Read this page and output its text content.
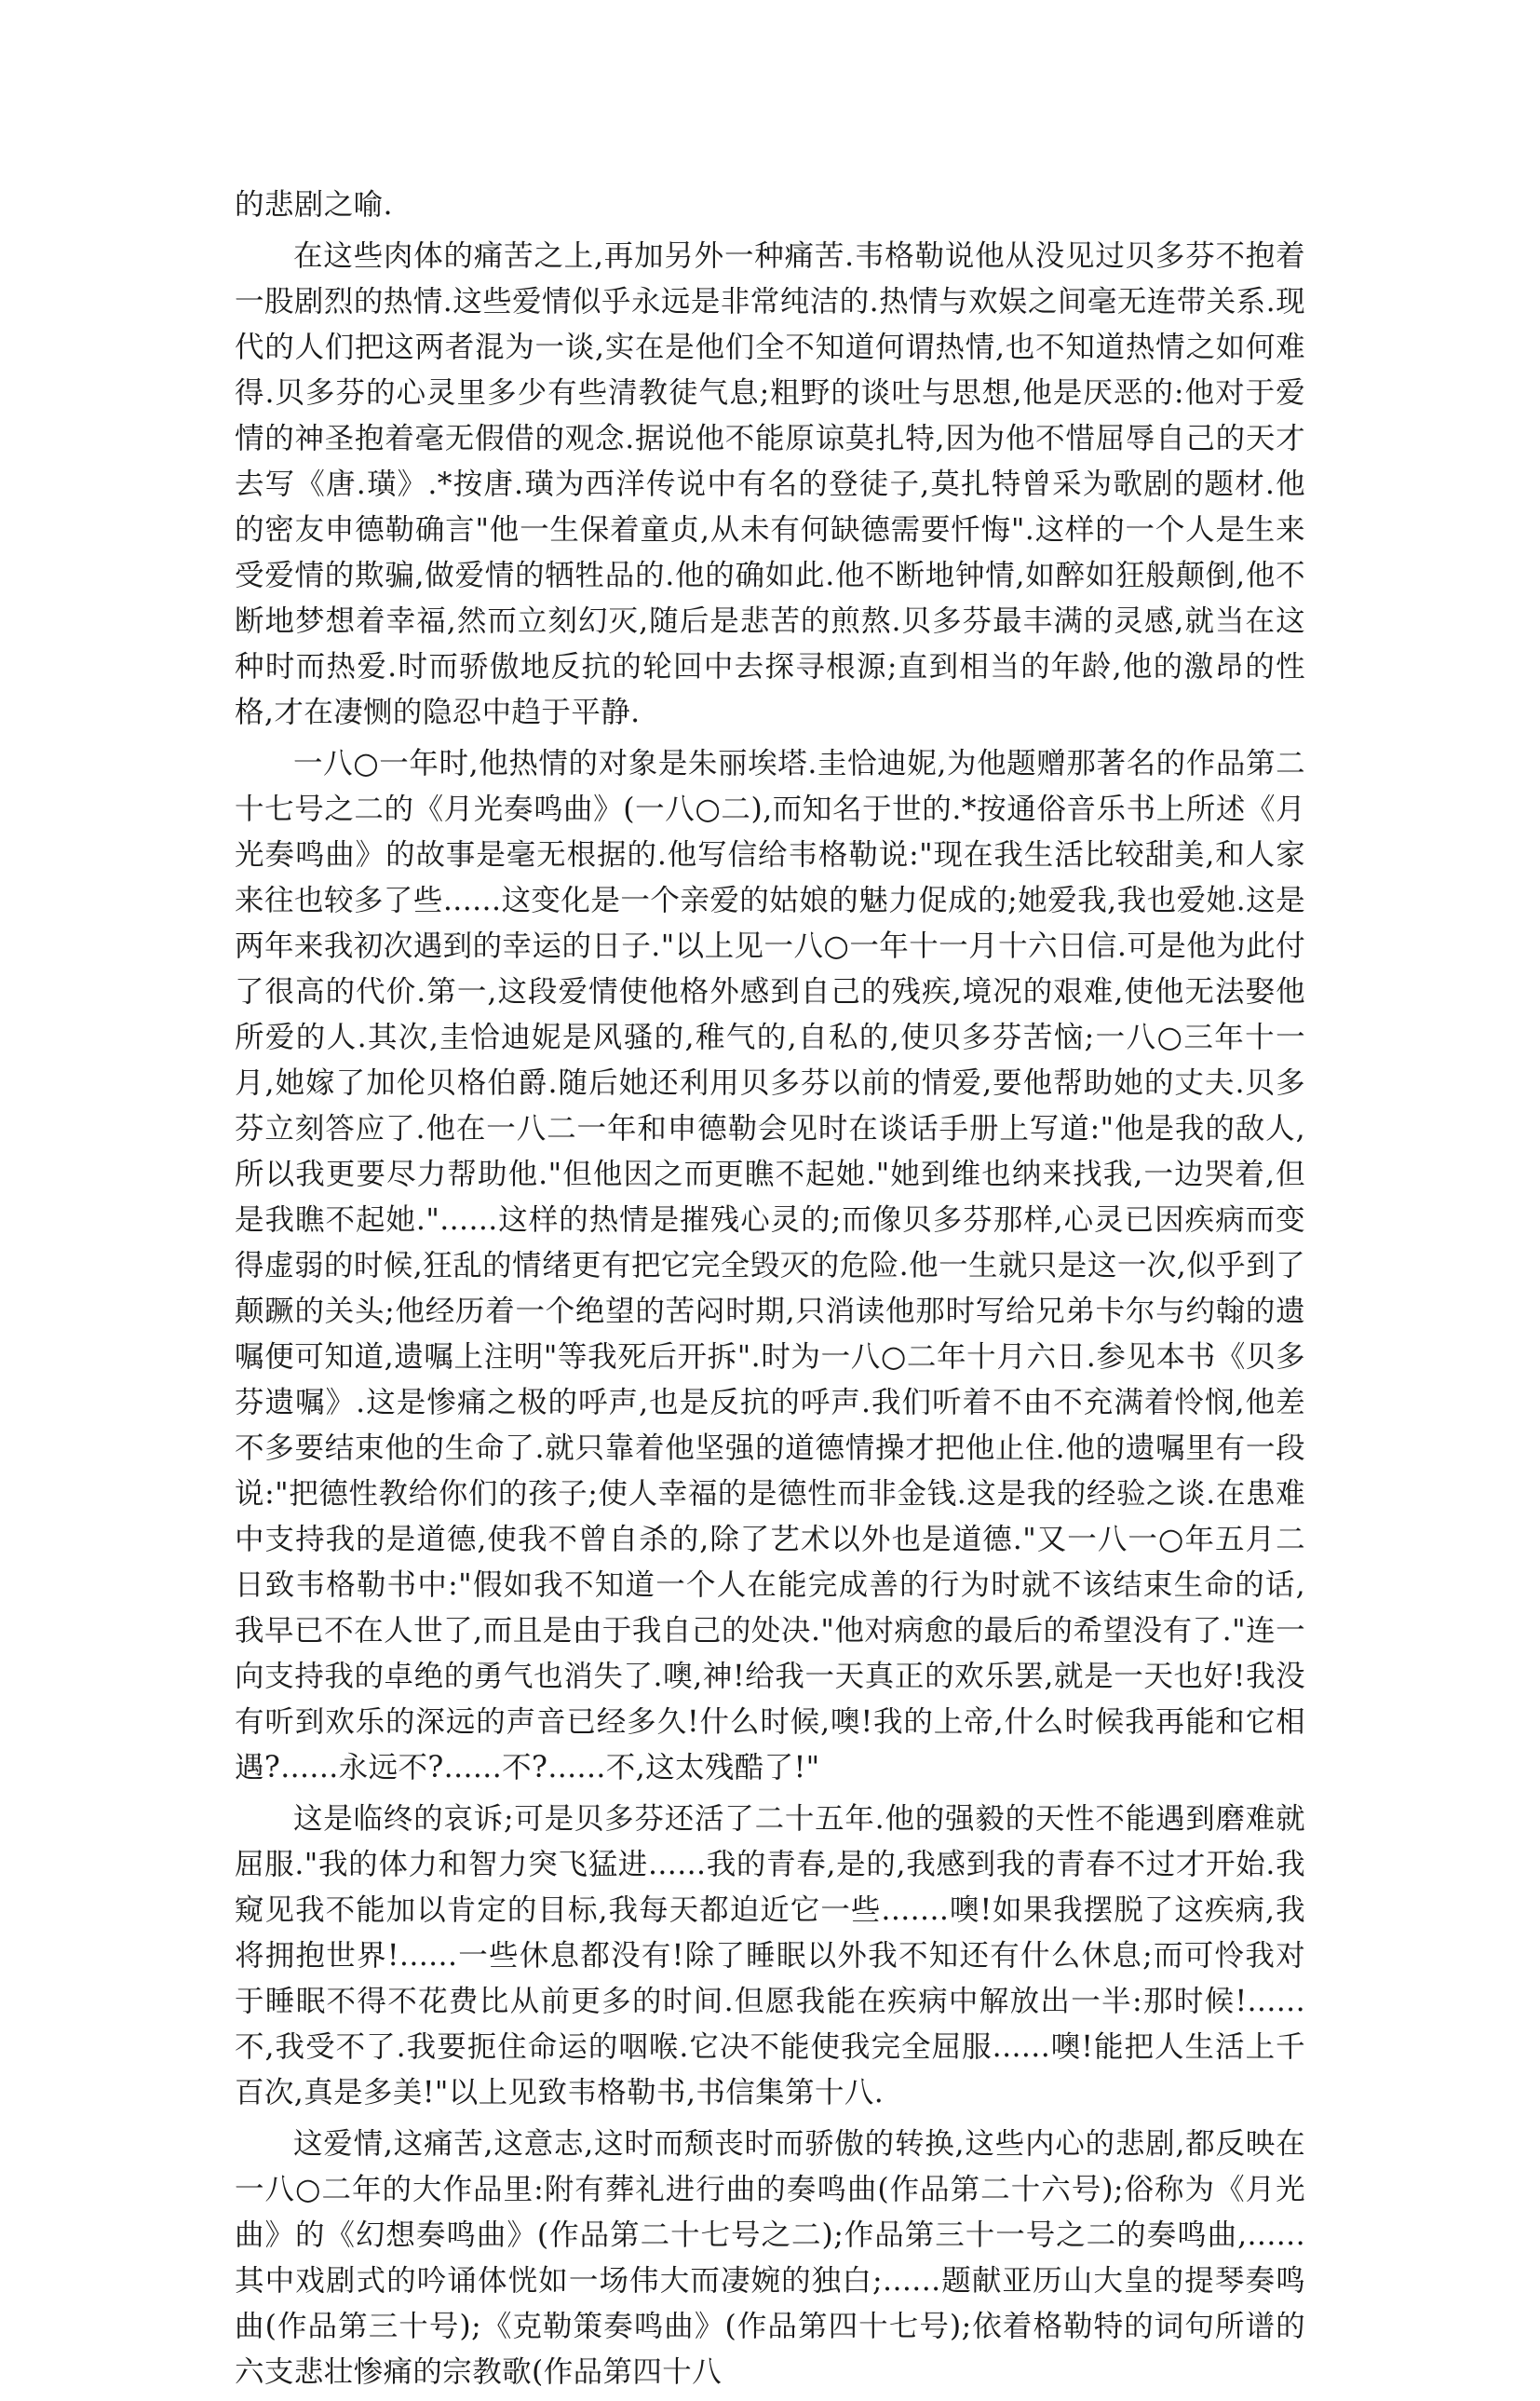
的悲剧之喻.

在这些肉体的痛苦之上,再加另外一种痛苦.韦格勒说他从没见过贝多芬不抱着一股剧烈的热情.这些爱情似乎永远是非常纯洁的.热情与欢娱之间毫无连带关系.现代的人们把这两者混为一谈,实在是他们全不知道何谓热情,也不知道热情之如何难得.贝多芬的心灵里多少有些清教徒气息;粗野的谈吐与思想,他是厌恶的:他对于爱情的神圣抱着毫无假借的观念.据说他不能原谅莫扎特,因为他不惜屈辱自己的天才去写《唐.璜》.*按唐.璜为西洋传说中有名的登徒子,莫扎特曾采为歌剧的题材.他的密友申德勒确言"他一生保着童贞,从未有何缺德需要忏悔".这样的一个人是生来受爱情的欺骗,做爱情的牺牲品的.他的确如此.他不断地钟情,如醉如狂般颠倒,他不断地梦想着幸福,然而立刻幻灭,随后是悲苦的煎熬.贝多芬最丰满的灵感,就当在这种时而热爱.时而骄傲地反抗的轮回中去探寻根源;直到相当的年龄,他的激昂的性格,才在凄恻的隐忍中趋于平静.

一八○一年时,他热情的对象是朱丽埃塔.圭恰迪妮,为他题赠那著名的作品第二十七号之二的《月光奏鸣曲》(一八○二),而知名于世的.*按通俗音乐书上所述《月光奏鸣曲》的故事是毫无根据的.他写信给韦格勒说:"现在我生活比较甜美,和人家来往也较多了些......这变化是一个亲爱的姑娘的魅力促成的;她爱我,我也爱她.这是两年来我初次遇到的幸运的日子."以上见一八○一年十一月十六日信.可是他为此付了很高的代价.第一,这段爱情使他格外感到自己的残疾,境况的艰难,使他无法娶他所爱的人.其次,圭恰迪妮是风骚的,稚气的,自私的,使贝多芬苦恼;一八○三年十一月,她嫁了加伦贝格伯爵.随后她还利用贝多芬以前的情爱,要他帮助她的丈夫.贝多芬立刻答应了.他在一八二一年和申德勒会见时在谈话手册上写道:"他是我的敌人,所以我更要尽力帮助他."但他因之而更瞧不起她."她到维也纳来找我,一边哭着,但是我瞧不起她."......这样的热情是摧残心灵的;而像贝多芬那样,心灵已因疾病而变得虚弱的时候,狂乱的情绪更有把它完全毁灭的危险.他一生就只是这一次,似乎到了颠蹶的关头;他经历着一个绝望的苦闷时期,只消读他那时写给兄弟卡尔与约翰的遗嘱便可知道,遗嘱上注明"等我死后开拆".时为一八○二年十月六日.参见本书《贝多芬遗嘱》.这是惨痛之极的呼声,也是反抗的呼声.我们听着不由不充满着怜悯,他差不多要结束他的生命了.就只靠着他坚强的道德情操才把他止住.他的遗嘱里有一段说:"把德性教给你们的孩子;使人幸福的是德性而非金钱.这是我的经验之谈.在患难中支持我的是道德,使我不曾自杀的,除了艺术以外也是道德."又一八一○年五月二日致韦格勒书中:"假如我不知道一个人在能完成善的行为时就不该结束生命的话,我早已不在人世了,而且是由于我自己的处决."他对病愈的最后的希望没有了."连一向支持我的卓绝的勇气也消失了.噢,神!给我一天真正的欢乐罢,就是一天也好!我没有听到欢乐的深远的声音已经多久!什么时候,噢!我的上帝,什么时候我再能和它相遇?......永远不?......不?......不,这太残酷了!"

这是临终的哀诉;可是贝多芬还活了二十五年.他的强毅的天性不能遇到磨难就屈服."我的体力和智力突飞猛进......我的青春,是的,我感到我的青春不过才开始.我窥见我不能加以肯定的目标,我每天都迫近它一些.......噢!如果我摆脱了这疾病,我将拥抱世界!......一些休息都没有!除了睡眠以外我不知还有什么休息;而可怜我对于睡眠不得不花费比从前更多的时间.但愿我能在疾病中解放出一半:那时候!......不,我受不了.我要扼住命运的咽喉.它决不能使我完全屈服......噢!能把人生活上千百次,真是多美!"以上见致韦格勒书,书信集第十八.

这爱情,这痛苦,这意志,这时而颓丧时而骄傲的转换,这些内心的悲剧,都反映在一八○二年的大作品里:附有葬礼进行曲的奏鸣曲(作品第二十六号);俗称为《月光曲》的《幻想奏鸣曲》(作品第二十七号之二);作品第三十一号之二的奏鸣曲,......其中戏剧式的吟诵体恍如一场伟大而凄婉的独白;......题献亚历山大皇的提琴奏鸣曲(作品第三十号);《克勒策奏鸣曲》(作品第四十七号);依着格勒特的词句所谱的六支悲壮惨痛的宗教歌(作品第四十八
